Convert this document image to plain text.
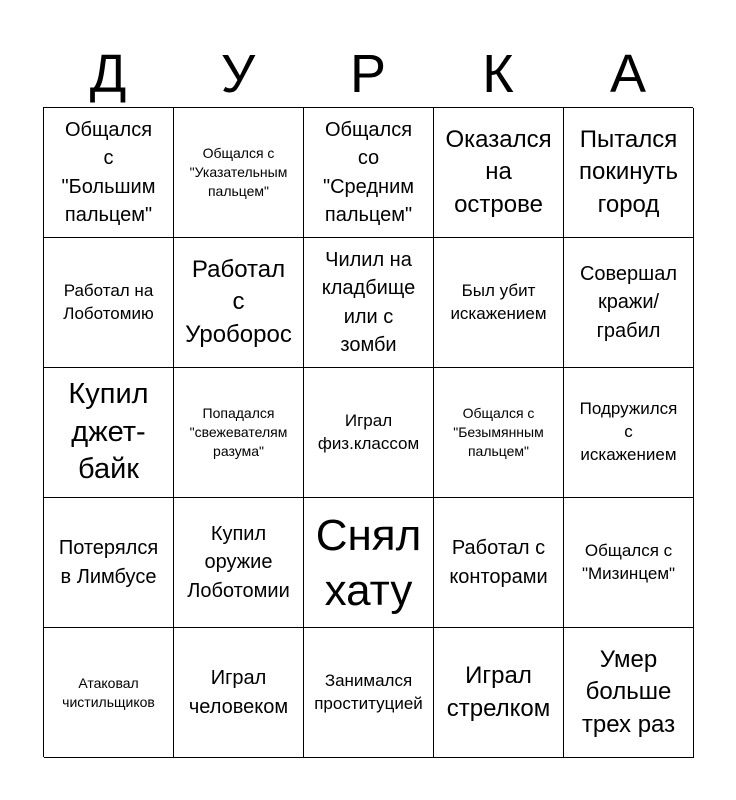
Д	У	Р	К	А
Общался
с
"Большим
пальцем"
Общался с
"Указательным
пальцем"
Общался
со
"Средним
пальцем"
Оказался
на
острове
Пытался
покинуть
город
Работал на
Лоботомию
Работал
с
Уроборос
Чилил на
кладбище
или с
зомби
Был убит
искажением
Совершал
кражи/
грабил
Купил
джет-
байк
Попадался
"свежевателям
разума"
Играл
физ.классом
Общался с
"Безымянным
пальцем"
Подружился
с
искажением
Потерялся
в Лимбусе
Купил
оружие
Лоботомии
Снял
хату
Работал с
конторами
Общался с
"Мизинцем"
Атаковал
чистильщиков
Играл
человеком
Занимался
проституцией
Играл
стрелком
Умер
больше
трех раз
